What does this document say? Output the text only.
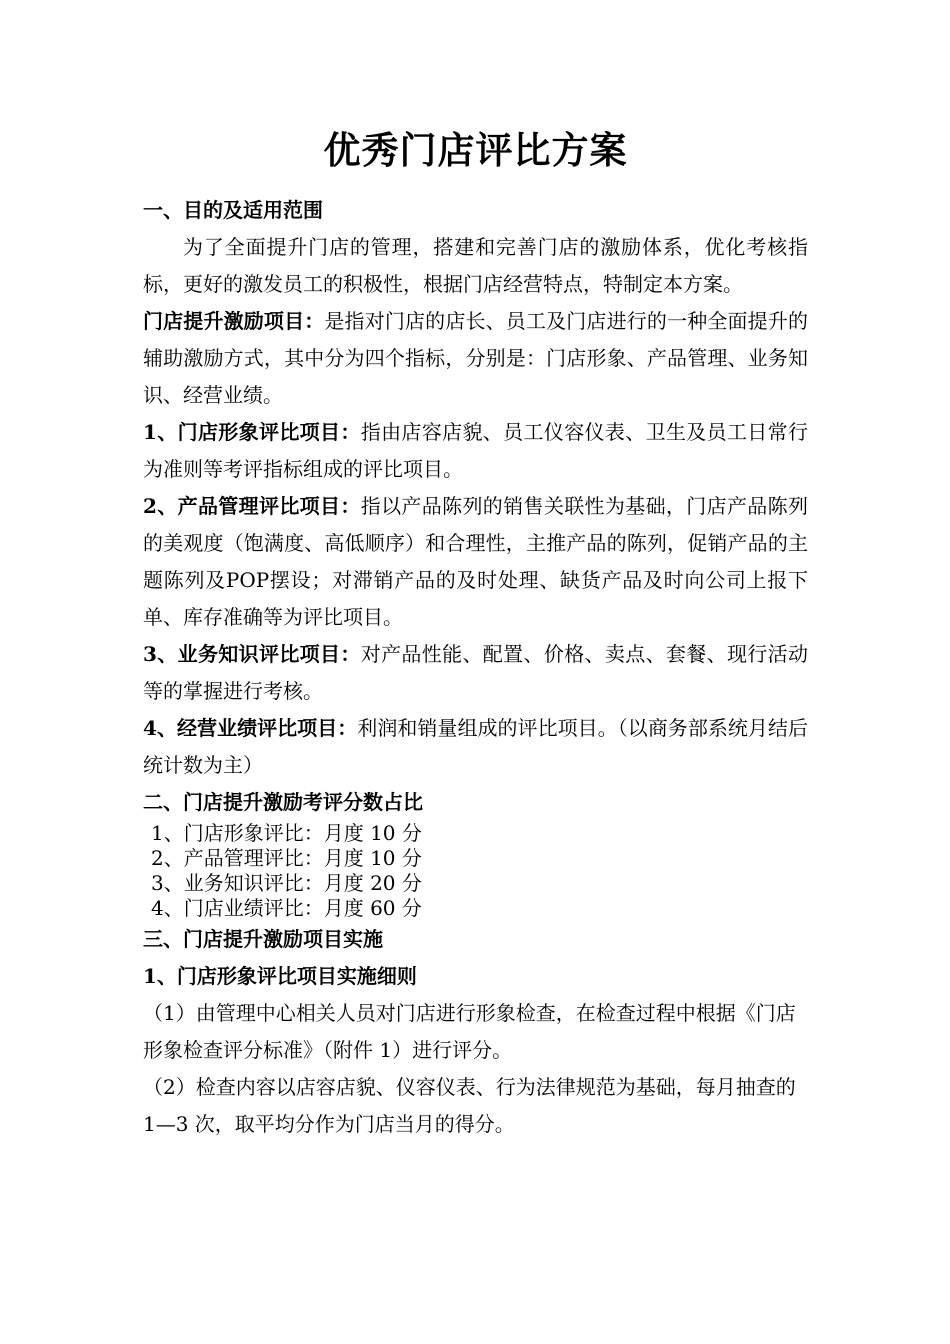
优秀门店评比方案

一、目的及适用范围

为了全面提升门店的管理，搭建和完善门店的激励体系，优化考核指标，更好的激发员工的积极性，根据门店经营特点，特制定本方案。

门店提升激励项目：是指对门店的店长、员工及门店进行的一种全面提升的辅助激励方式，其中分为四个指标，分别是：门店形象、产品管理、业务知识、经营业绩。

1、门店形象评比项目：指由店容店貌、员工仪容仪表、卫生及员工日常行为准则等考评指标组成的评比项目。

2、产品管理评比项目：指以产品陈列的销售关联性为基础，门店产品陈列的美观度（饱满度、高低顺序）和合理性，主推产品的陈列，促销产品的主题陈列及POP摆设；对滞销产品的及时处理、缺货产品及时向公司上报下单、库存准确等为评比项目。

3、业务知识评比项目：对产品性能、配置、价格、卖点、套餐、现行活动等的掌握进行考核。

4、经营业绩评比项目：利润和销量组成的评比项目。（以商务部系统月结后统计数为主）

二、门店提升激励考评分数占比

1、门店形象评比：月度 10 分
2、产品管理评比：月度 10 分
3、业务知识评比：月度 20 分
4、门店业绩评比：月度 60 分

三、门店提升激励项目实施

1、门店形象评比项目实施细则

（1）由管理中心相关人员对门店进行形象检查，在检查过程中根据《门店形象检查评分标准》（附件 1）进行评分。

（2）检查内容以店容店貌、仪容仪表、行为法律规范为基础，每月抽查的 1—3 次，取平均分作为门店当月的得分。
